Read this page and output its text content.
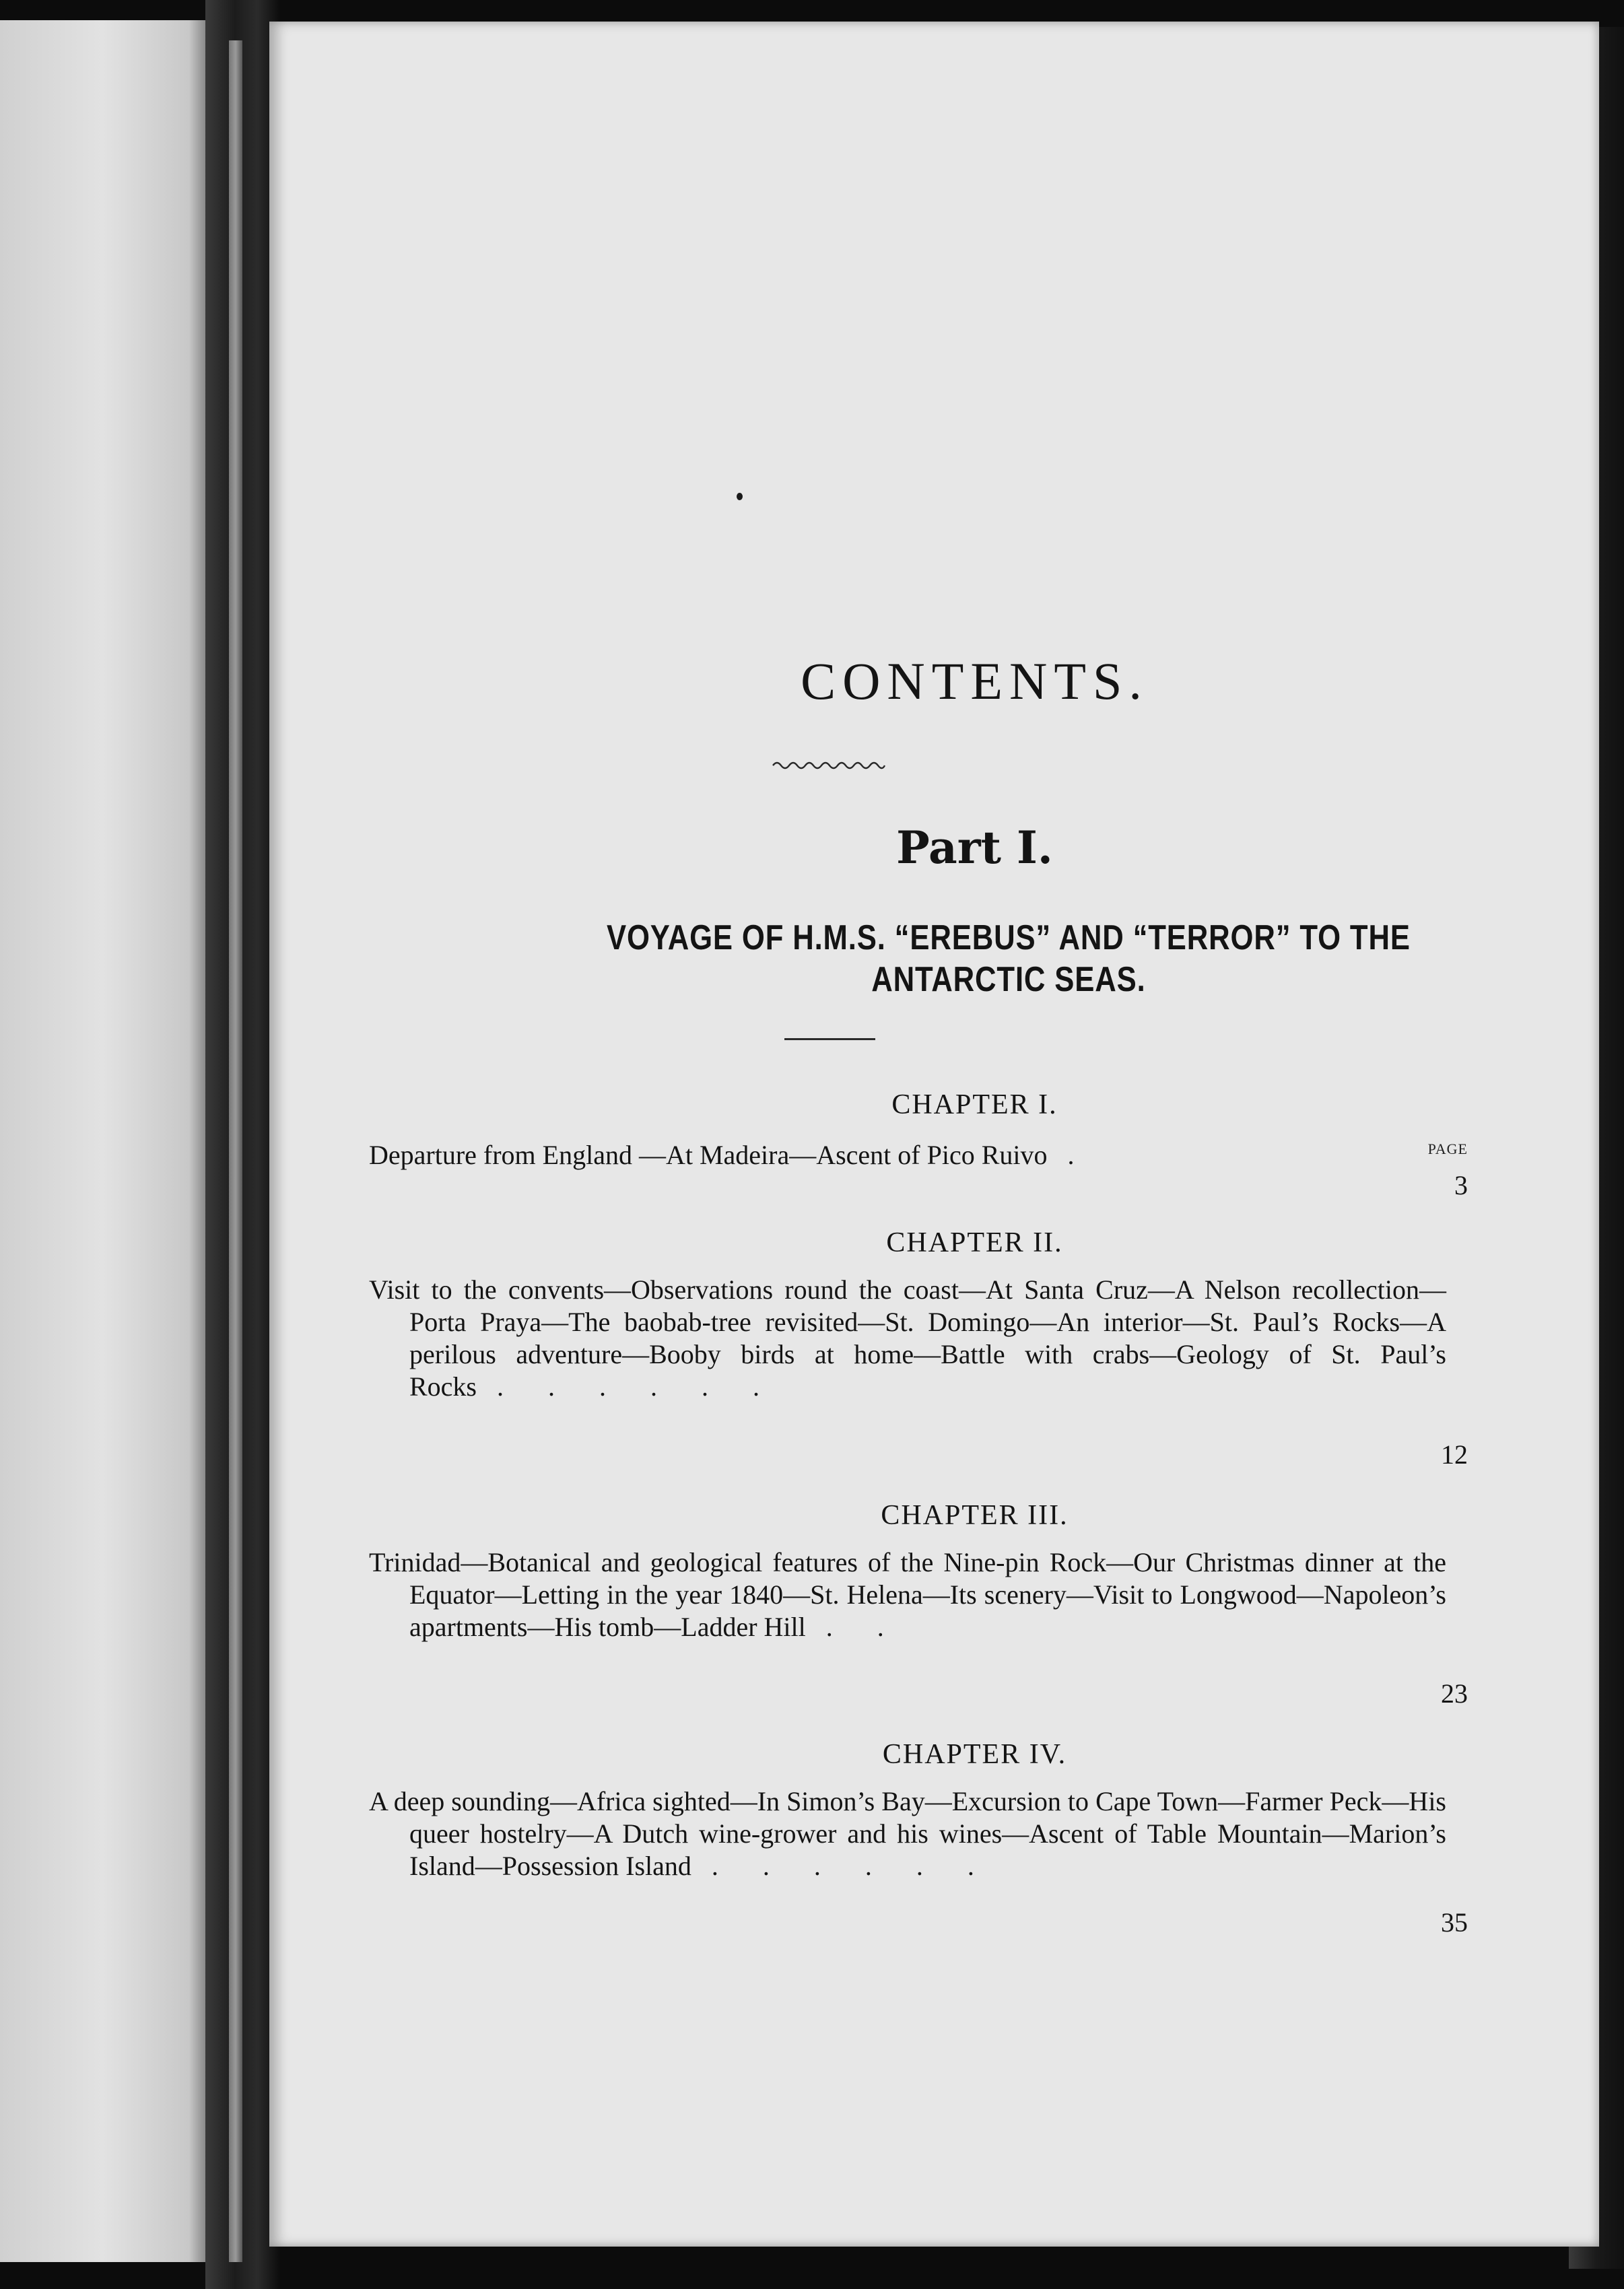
CONTENTS.
Part I.
VOYAGE OF H.M.S. “EREBUS” AND “TERROR” TO THE
ANTARCTIC SEAS.
CHAPTER I.
PAGE
Departure from England —At Madeira—Ascent of Pico Ruivo .
3
CHAPTER II.
Visit to the convents—Observations round the coast—At Santa Cruz—A Nelson recollection—Porta Praya—The baobab-tree revisited—St. Domingo—An interior—St. Paul’s Rocks—A perilous adventure—Booby birds at home—Battle with crabs—Geology of St. Paul’s Rocks . . . . . .
12
CHAPTER III.
Trinidad—Botanical and geological features of the Nine-pin Rock—Our Christmas dinner at the Equator—Letting in the year 1840—St. Helena—Its scenery—Visit to Longwood—Napoleon’s apartments—His tomb—Ladder Hill . .
23
CHAPTER IV.
A deep sounding—Africa sighted—In Simon’s Bay—Excursion to Cape Town—Farmer Peck—His queer hostelry—A Dutch wine-grower and his wines—Ascent of Table Mountain—Marion’s Island—Possession Island . . . . . .
35
